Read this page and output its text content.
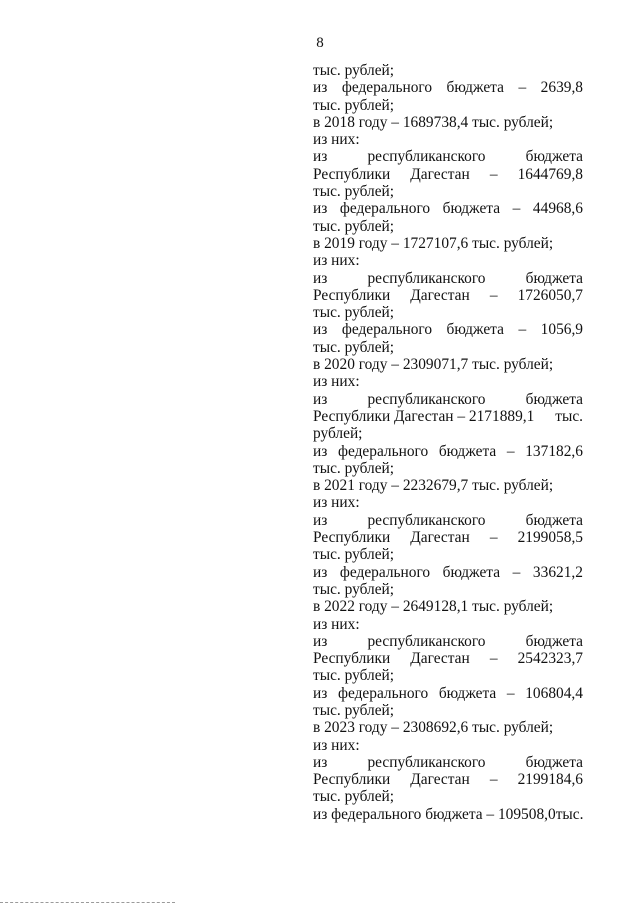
8
тыс. рублей;
из федерального бюджета – 2639,8
тыс. рублей;
в 2018 году – 1689738,4 тыс. рублей;
из них:
из	республиканского	бюджета
Республики Дагестан – 1644769,8
тыс. рублей;
из федерального бюджета – 44968,6
тыс. рублей;
в 2019 году – 1727107,6 тыс. рублей;
из них:
из	республиканского	бюджета
Республики Дагестан – 1726050,7
тыс. рублей;
из федерального бюджета – 1056,9
тыс. рублей;
в 2020 году – 2309071,7 тыс. рублей;
из них:
из	республиканского	бюджета
Республики Дагестан – 2171889,1 тыс.
рублей;
из федерального бюджета – 137182,6
тыс. рублей;
в 2021 году – 2232679,7 тыс. рублей;
из них:
из	республиканского	бюджета
Республики Дагестан – 2199058,5
тыс. рублей;
из федерального бюджета – 33621,2
тыс. рублей;
в 2022 году – 2649128,1 тыс. рублей;
из них:
из	республиканского	бюджета
Республики Дагестан – 2542323,7
тыс. рублей;
из федерального бюджета – 106804,4
тыс. рублей;
в 2023 году – 2308692,6 тыс. рублей;
из них:
из	республиканского	бюджета
Республики Дагестан – 2199184,6
тыс. рублей;
из федерального бюджета – 109508,0 тыс.
